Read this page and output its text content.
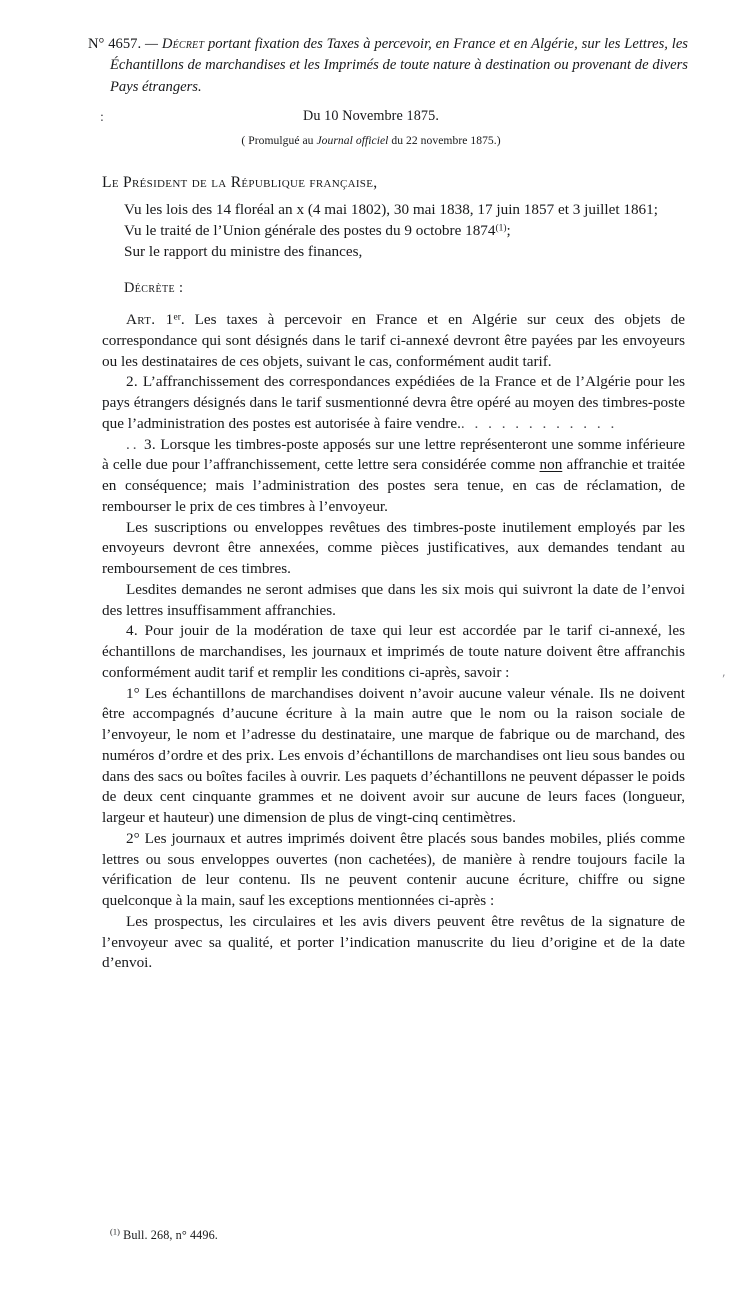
N° 4657. — Décret portant fixation des Taxes à percevoir, en France et en Algérie, sur les Lettres, les Échantillons de marchandises et les Imprimés de toute nature à destination ou provenant de divers Pays étrangers.

:
′
Du 10 Novembre 1875.
( Promulgué au Journal officiel du 22 novembre 1875.)

Le Président de la République française,

Vu les lois des 14 floréal an x (4 mai 1802), 30 mai 1838, 17 juin 1857 et 3 juillet 1861;

Vu le traité de l’Union générale des postes du 9 octobre 1874$^{(1)}$;

Sur le rapport du ministre des finances,

Décrète :

Art. 1er. Les taxes à percevoir en France et en Algérie sur ceux des objets de correspondance qui sont désignés dans le tarif ci-annexé devront être payées par les envoyeurs ou les destinataires de ces objets, suivant le cas, conformément audit tarif.

2. L’affranchissement des correspondances expédiées de la France et de l’Algérie pour les pays étrangers désignés dans le tarif susmentionné devra être opéré au moyen des timbres-poste que l’administration des postes est autorisée à faire vendre.. . . . . . . . . . . .

.. 3. Lorsque les timbres-poste apposés sur une lettre représenteront une somme inférieure à celle due pour l’affranchissement, cette lettre sera considérée comme non affranchie et traitée en conséquence; mais l’administration des postes sera tenue, en cas de réclamation, de rembourser le prix de ces timbres à l’envoyeur.

Les suscriptions ou enveloppes revêtues des timbres-poste inutilement employés par les envoyeurs devront être annexées, comme pièces justificatives, aux demandes tendant au remboursement de ces timbres.

Lesdites demandes ne seront admises que dans les six mois qui suivront la date de l’envoi des lettres insuffisamment affranchies.

4. Pour jouir de la modération de taxe qui leur est accordée par le tarif ci-annexé, les échantillons de marchandises, les journaux et imprimés de toute nature doivent être affranchis conformément audit tarif et remplir les conditions ci-après, savoir :

1° Les échantillons de marchandises doivent n’avoir aucune valeur vénale. Ils ne doivent être accompagnés d’aucune écriture à la main autre que le nom ou la raison sociale de l’envoyeur, le nom et l’adresse du destinataire, une marque de fabrique ou de marchand, des numéros d’ordre et des prix. Les envois d’échantillons de marchandises ont lieu sous bandes ou dans des sacs ou boîtes faciles à ouvrir. Les paquets d’échantillons ne peuvent dépasser le poids de deux cent cinquante grammes et ne doivent avoir sur aucune de leurs faces (longueur, largeur et hauteur) une dimension de plus de vingt-cinq centimètres.

2° Les journaux et autres imprimés doivent être placés sous bandes mobiles, pliés comme lettres ou sous enveloppes ouvertes (non cachetées), de manière à rendre toujours facile la vérification de leur contenu. Ils ne peuvent contenir aucune écriture, chiffre ou signe quelconque à la main, sauf les exceptions mentionnées ci-après :

Les prospectus, les circulaires et les avis divers peuvent être revêtus de la signature de l’envoyeur avec sa qualité, et porter l’indication manuscrite du lieu d’origine et de la date d’envoi.

$^{(1)}$ Bull. 268, n° 4496.
